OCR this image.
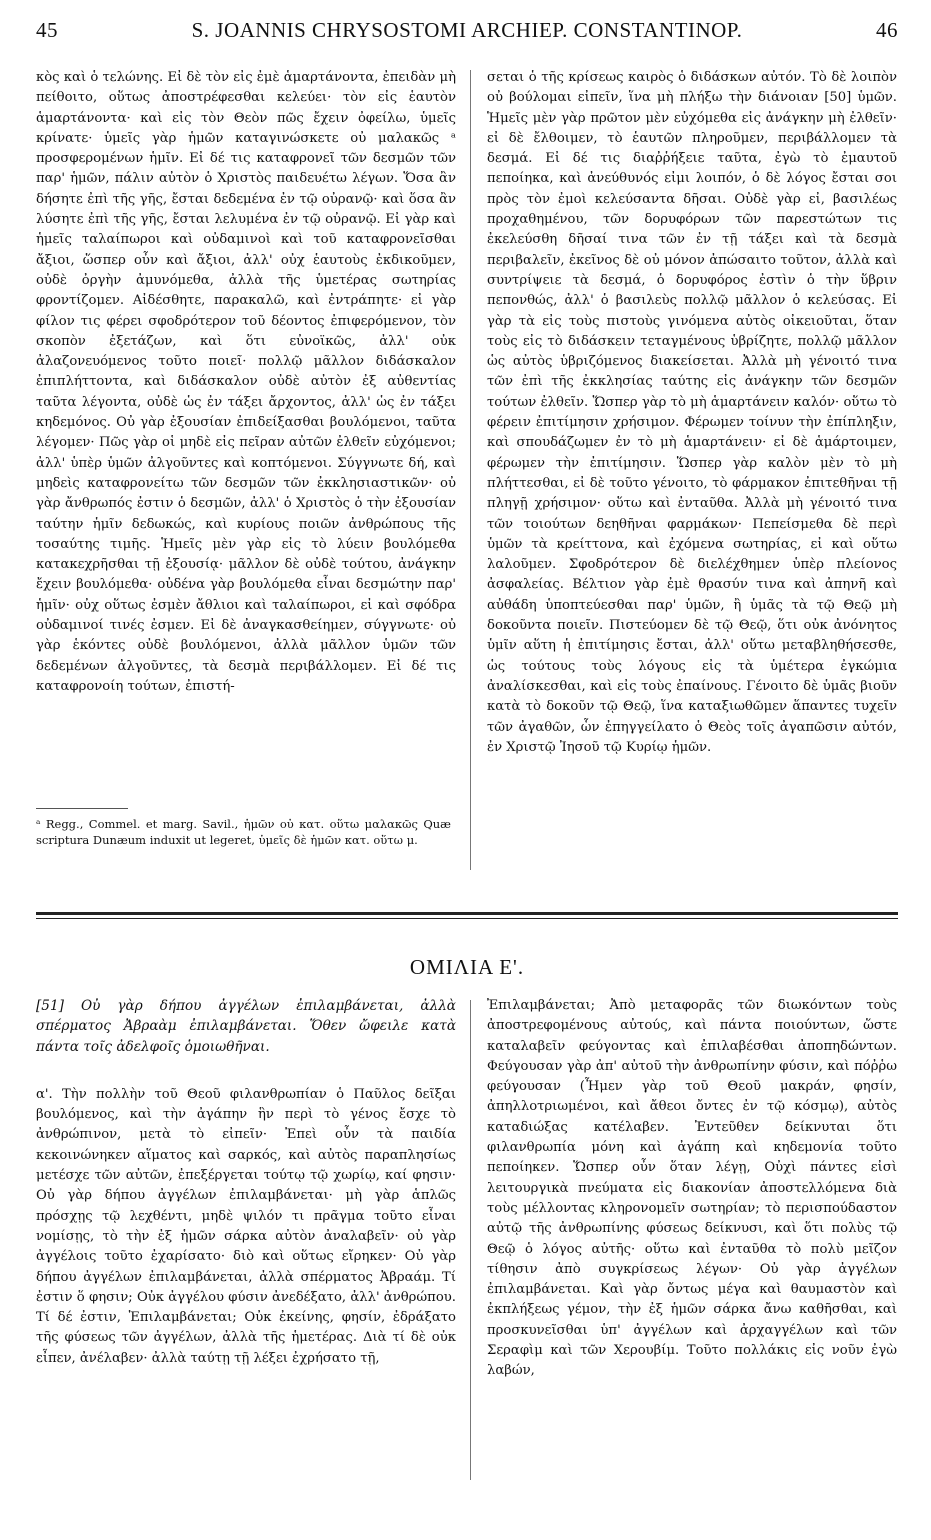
45	S. JOANNIS CHRYSOSTOMI ARCHIEP. CONSTANTINOP.	46

κὸς καὶ ὁ τελώνης. Εἰ δὲ τὸν εἰς ἐμὲ ἁμαρτάνοντα, ἐπειδὰν μὴ πείθοιτο, οὕτως ἀποστρέφεσθαι κελεύει· τὸν εἰς ἑαυτὸν ἁμαρτάνοντα· καὶ εἰς τὸν Θεὸν πῶς ἔχειν ὀφείλω, ὑμεῖς κρίνατε· ὑμεῖς γὰρ ἡμῶν καταγινώσκετε οὐ μαλακῶς ᵃ προσφερομένων ἡμῖν. Εἰ δέ τις καταφρονεῖ τῶν δεσμῶν τῶν παρ' ἡμῶν, πάλιν αὐτὸν ὁ Χριστὸς παιδευέτω λέγων. Ὅσα ἂν δήσητε ἐπὶ τῆς γῆς, ἔσται δεδεμένα ἐν τῷ οὐρανῷ· καὶ ὅσα ἂν λύσητε ἐπὶ τῆς γῆς, ἔσται λελυμένα ἐν τῷ οὐρανῷ. Εἰ γὰρ καὶ ἡμεῖς ταλαίπωροι καὶ οὐδαμινοὶ καὶ τοῦ καταφρονεῖσθαι ἄξιοι, ὥσπερ οὖν καὶ ἄξιοι, ἀλλ' οὐχ ἑαυτοὺς ἐκδικοῦμεν, οὐδὲ ὀργὴν ἀμυνόμεθα, ἀλλὰ τῆς ὑμετέρας σωτηρίας φροντίζομεν. Αἰδέσθητε, παρακαλῶ, καὶ ἐντράπητε· εἰ γὰρ φίλον τις φέρει σφοδρότερον τοῦ δέοντος ἐπιφερόμενον, τὸν σκοπὸν ἐξετάζων, καὶ ὅτι εὐνοϊκῶς, ἀλλ' οὐκ ἀλαζονευόμενος τοῦτο ποιεῖ· πολλῷ μᾶλλον διδάσκαλον ἐπιπλήττοντα, καὶ διδάσκαλον οὐδὲ αὐτὸν ἐξ αὐθεντίας ταῦτα λέγοντα, οὐδὲ ὡς ἐν τάξει ἄρχοντος, ἀλλ' ὡς ἐν τάξει κηδεμόνος. Οὐ γὰρ ἐξουσίαν ἐπιδείξασθαι βουλόμενοι, ταῦτα λέγομεν· Πῶς γὰρ οἱ μηδὲ εἰς πεῖραν αὐτῶν ἐλθεῖν εὐχόμενοι; ἀλλ' ὑπὲρ ὑμῶν ἀλγοῦντες καὶ κοπτόμενοι. Σύγγνωτε δή, καὶ μηδεὶς καταφρονείτω τῶν δεσμῶν τῶν ἐκκλησιαστικῶν· οὐ γὰρ ἄνθρωπός ἐστιν ὁ δεσμῶν, ἀλλ' ὁ Χριστὸς ὁ τὴν ἐξουσίαν ταύτην ἡμῖν δεδωκώς, καὶ κυρίους ποιῶν ἀνθρώπους τῆς τοσαύτης τιμῆς. Ἡμεῖς μὲν γὰρ εἰς τὸ λύειν βουλόμεθα κατακεχρῆσθαι τῇ ἐξουσίᾳ· μᾶλλον δὲ οὐδὲ τούτου, ἀνάγκην ἔχειν βουλόμεθα· οὐδένα γὰρ βουλόμεθα εἶναι δεσμώτην παρ' ἡμῖν· οὐχ οὕτως ἐσμὲν ἄθλιοι καὶ ταλαίπωροι, εἰ καὶ σφόδρα οὐδαμινοί τινές ἐσμεν. Εἰ δὲ ἀναγκασθείημεν, σύγγνωτε· οὐ γὰρ ἑκόντες οὐδὲ βουλόμενοι, ἀλλὰ μᾶλλον ὑμῶν τῶν δεδεμένων ἀλγοῦντες, τὰ δεσμὰ περιβάλλομεν. Εἰ δέ τις καταφρονοίη τούτων, ἐπιστή-

σεται ὁ τῆς κρίσεως καιρὸς ὁ διδάσκων αὐτόν. Τὸ δὲ λοιπὸν οὐ βούλομαι εἰπεῖν, ἵνα μὴ πλήξω τὴν διάνοιαν [50] ὑμῶν. Ἡμεῖς μὲν γὰρ πρῶτον μὲν εὐχόμεθα εἰς ἀνάγκην μὴ ἐλθεῖν· εἰ δὲ ἔλθοιμεν, τὸ ἑαυτῶν πληροῦμεν, περιβάλλομεν τὰ δεσμά. Εἰ δέ τις διαῤῥήξειε ταῦτα, ἐγὼ τὸ ἐμαυτοῦ πεποίηκα, καὶ ἀνεύθυνός εἰμι λοιπόν, ὁ δὲ λόγος ἔσται σοι πρὸς τὸν ἐμοὶ κελεύσαντα δῆσαι. Οὐδὲ γὰρ εἰ, βασιλέως προχαθημένου, τῶν δορυφόρων τῶν παρεστώτων τις ἐκελεύσθη δῆσαί τινα τῶν ἐν τῇ τάξει καὶ τὰ δεσμὰ περιβαλεῖν, ἐκεῖνος δὲ οὐ μόνον ἀπώσαιτο τοῦτον, ἀλλὰ καὶ συντρίψειε τὰ δεσμά, ὁ δορυφόρος ἐστὶν ὁ τὴν ὕβριν πεπονθώς, ἀλλ' ὁ βασιλεὺς πολλῷ μᾶλλον ὁ κελεύσας. Εἰ γὰρ τὰ εἰς τοὺς πιστοὺς γινόμενα αὐτὸς οἰκειοῦται, ὅταν τοὺς εἰς τὸ διδάσκειν τεταγμένους ὑβρίζητε, πολλῷ μᾶλλον ὡς αὐτὸς ὑβριζόμενος διακείσεται. Ἀλλὰ μὴ γένοιτό τινα τῶν ἐπὶ τῆς ἐκκλησίας ταύτης εἰς ἀνάγκην τῶν δεσμῶν τούτων ἐλθεῖν. Ὥσπερ γὰρ τὸ μὴ ἁμαρτάνειν καλόν· οὕτω τὸ φέρειν ἐπιτίμησιν χρήσιμον. Φέρωμεν τοίνυν τὴν ἐπίπληξιν, καὶ σπουδάζωμεν ἐν τὸ μὴ ἁμαρτάνειν· εἰ δὲ ἁμάρτοιμεν, φέρωμεν τὴν ἐπιτίμησιν. Ὥσπερ γὰρ καλὸν μὲν τὸ μὴ πλήττεσθαι, εἰ δὲ τοῦτο γένοιτο, τὸ φάρμακον ἐπιτεθῆναι τῇ πληγῇ χρήσιμον· οὕτω καὶ ἐνταῦθα. Ἀλλὰ μὴ γένοιτό τινα τῶν τοιούτων δεηθῆναι φαρμάκων· Πεπείσμεθα δὲ περὶ ὑμῶν τὰ κρείττονα, καὶ ἐχόμενα σωτηρίας, εἰ καὶ οὕτω λαλοῦμεν. Σφοδρότερον δὲ διελέχθημεν ὑπὲρ πλείονος ἀσφαλείας. Βέλτιον γὰρ ἐμὲ θρασύν τινα καὶ ἀπηνῆ καὶ αὐθάδη ὑποπτεύεσθαι παρ' ὑμῶν, ἢ ὑμᾶς τὰ τῷ Θεῷ μὴ δοκοῦντα ποιεῖν. Πιστεύομεν δὲ τῷ Θεῷ, ὅτι οὐκ ἀνόνητος ὑμῖν αὕτη ἡ ἐπιτίμησις ἔσται, ἀλλ' οὕτω μεταβληθήσεσθε, ὡς τούτους τοὺς λόγους εἰς τὰ ὑμέτερα ἐγκώμια ἀναλίσκεσθαι, καὶ εἰς τοὺς ἐπαίνους. Γένοιτο δὲ ὑμᾶς βιοῦν κατὰ τὸ δοκοῦν τῷ Θεῷ, ἵνα καταξιωθῶμεν ἅπαντες τυχεῖν τῶν ἀγαθῶν, ὧν ἐπηγγείλατο ὁ Θεὸς τοῖς ἀγαπῶσιν αὐτόν, ἐν Χριστῷ Ἰησοῦ τῷ Κυρίῳ ἡμῶν.

ᵃ Regg., Commel. et marg. Savil., ἡμῶν οὐ κατ. οὕτω μαλακῶς Quæ scriptura Dunæum induxit ut legeret, ὑμεῖς δὲ ἡμῶν κατ. οὕτω μ.
ΟΜΙΛΙΑ Ε'.

[51] Οὐ γὰρ δήπου ἀγγέλων ἐπιλαμβάνεται, ἀλλὰ σπέρματος Ἀβραὰμ ἐπιλαμβάνεται. Ὅθεν ὤφειλε κατὰ πάντα τοῖς ἀδελφοῖς ὁμοιωθῆναι.

α'. Τὴν πολλὴν τοῦ Θεοῦ φιλανθρωπίαν ὁ Παῦλος δεῖξαι βουλόμενος, καὶ τὴν ἀγάπην ἣν περὶ τὸ γένος ἔσχε τὸ ἀνθρώπινον, μετὰ τὸ εἰπεῖν· Ἐπεὶ οὖν τὰ παιδία κεκοινώνηκεν αἵματος καὶ σαρκός, καὶ αὐτὸς παραπλησίως μετέσχε τῶν αὐτῶν, ἐπεξέργεται τούτῳ τῷ χωρίῳ, καί φησιν· Οὐ γὰρ δήπου ἀγγέλων ἐπιλαμβάνεται· μὴ γὰρ ἁπλῶς πρόσχῃς τῷ λεχθέντι, μηδὲ ψιλόν τι πρᾶγμα τοῦτο εἶναι νομίσῃς, τὸ τὴν ἐξ ἡμῶν σάρκα αὐτὸν ἀναλαβεῖν· οὐ γὰρ ἀγγέλοις τοῦτο ἐχαρίσατο· διὸ καὶ οὕτως εἴρηκεν· Οὐ γὰρ δήπου ἀγγέλων ἐπιλαμβάνεται, ἀλλὰ σπέρματος Ἀβραάμ. Τί ἐστιν ὅ φησιν; Οὐκ ἀγγέλου φύσιν ἀνεδέξατο, ἀλλ' ἀνθρώπου. Τί δέ ἐστιν, Ἐπιλαμβάνεται; Οὐκ ἐκείνης, φησίν, ἐδράξατο τῆς φύσεως τῶν ἀγγέλων, ἀλλὰ τῆς ἡμετέρας. Διὰ τί δὲ οὐκ εἶπεν, ἀνέλαβεν· ἀλλὰ ταύτῃ τῇ λέξει ἐχρήσατο τῇ,

Ἐπιλαμβάνεται; Ἀπὸ μεταφορᾶς τῶν διωκόντων τοὺς ἀποστρεφομένους αὐτούς, καὶ πάντα ποιούντων, ὥστε καταλαβεῖν φεύγοντας καὶ ἐπιλαβέσθαι ἀποπηδώντων. Φεύγουσαν γὰρ ἀπ' αὐτοῦ τὴν ἀνθρωπίνην φύσιν, καὶ πόῤῥω φεύγουσαν (Ἦμεν γὰρ τοῦ Θεοῦ μακράν, φησίν, ἀπηλλοτριωμένοι, καὶ ἄθεοι ὄντες ἐν τῷ κόσμῳ), αὐτὸς καταδιώξας κατέλαβεν. Ἐντεῦθεν δείκνυται ὅτι φιλανθρωπία μόνη καὶ ἀγάπη καὶ κηδεμονία τοῦτο πεποίηκεν. Ὥσπερ οὖν ὅταν λέγῃ, Οὐχὶ πάντες εἰσὶ λειτουργικὰ πνεύματα εἰς διακονίαν ἀποστελλόμενα διὰ τοὺς μέλλοντας κληρονομεῖν σωτηρίαν; τὸ περισπούδαστον αὐτῷ τῆς ἀνθρωπίνης φύσεως δείκνυσι, καὶ ὅτι πολὺς τῷ Θεῷ ὁ λόγος αὐτῆς· οὕτω καὶ ἐνταῦθα τὸ πολὺ μεῖζον τίθησιν ἀπὸ συγκρίσεως λέγων· Οὐ γὰρ ἀγγέλων ἐπιλαμβάνεται. Καὶ γὰρ ὄντως μέγα καὶ θαυμαστὸν καὶ ἐκπλήξεως γέμον, τὴν ἐξ ἡμῶν σάρκα ἄνω καθῆσθαι, καὶ προσκυνεῖσθαι ὑπ' ἀγγέλων καὶ ἀρχαγγέλων καὶ τῶν Σεραφὶμ καὶ τῶν Χερουβίμ. Τοῦτο πολλάκις εἰς νοῦν ἐγὼ λαβών,
